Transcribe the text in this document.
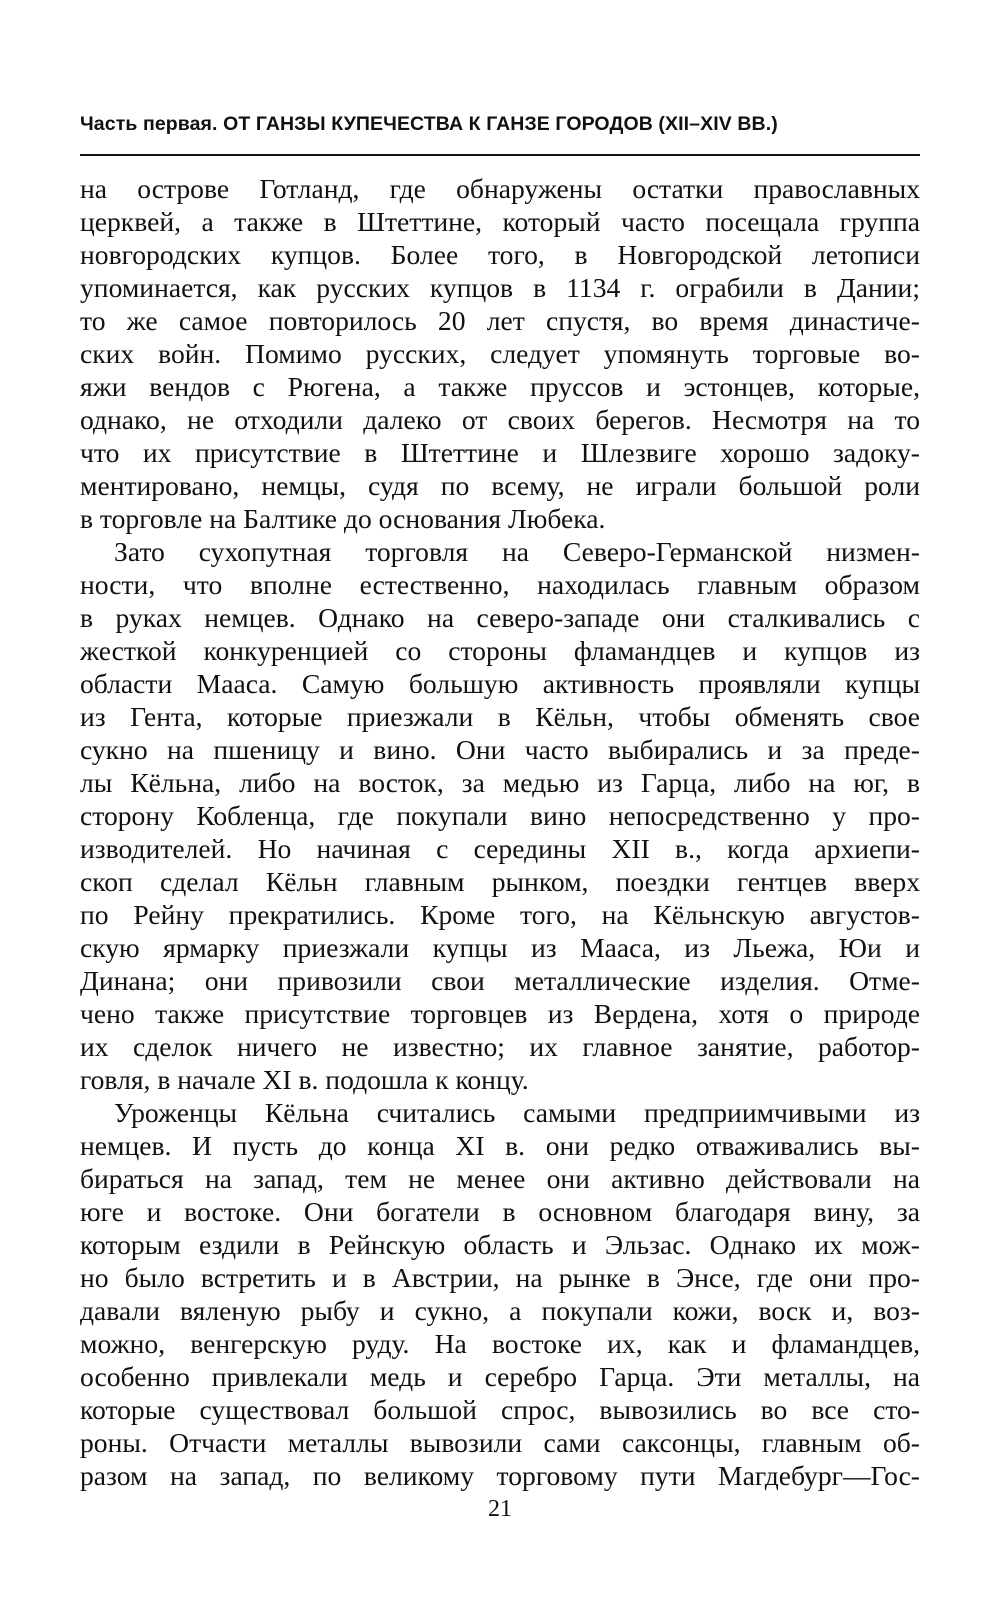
Часть первая. ОТ ГАНЗЫ КУПЕЧЕСТВА К ГАНЗЕ ГОРОДОВ (XII–XIV ВВ.)
на острове Готланд, где обнаружены остатки православных
церквей, а также в Штеттине, который часто посещала группа
новгородских купцов. Более того, в Новгородской летописи
упоминается, как русских купцов в 1134 г. ограбили в Дании;
то же самое повторилось 20 лет спустя, во время династиче-
ских войн. Помимо русских, следует упомянуть торговые во-
яжи вендов с Рюгена, а также пруссов и эстонцев, которые,
однако, не отходили далеко от своих берегов. Несмотря на то
что их присутствие в Штеттине и Шлезвиге хорошо задоку-
ментировано, немцы, судя по всему, не играли большой роли
в торговле на Балтике до основания Любека.
Зато сухопутная торговля на Северо-Германской низмен-
ности, что вполне естественно, находилась главным образом
в руках немцев. Однако на северо-западе они сталкивались с
жесткой конкуренцией со стороны фламандцев и купцов из
области Мааса. Самую большую активность проявляли купцы
из Гента, которые приезжали в Кёльн, чтобы обменять свое
сукно на пшеницу и вино. Они часто выбирались и за преде-
лы Кёльна, либо на восток, за медью из Гарца, либо на юг, в
сторону Кобленца, где покупали вино непосредственно у про-
изводителей. Но начиная с середины XII в., когда архиепи-
скоп сделал Кёльн главным рынком, поездки гентцев вверх
по Рейну прекратились. Кроме того, на Кёльнскую августов-
скую ярмарку приезжали купцы из Мааса, из Льежа, Юи и
Динана; они привозили свои металлические изделия. Отме-
чено также присутствие торговцев из Вердена, хотя о природе
их сделок ничего не известно; их главное занятие, работор-
говля, в начале XI в. подошла к концу.
Уроженцы Кёльна считались самыми предприимчивыми из
немцев. И пусть до конца XI в. они редко отваживались вы-
бираться на запад, тем не менее они активно действовали на
юге и востоке. Они богатели в основном благодаря вину, за
которым ездили в Рейнскую область и Эльзас. Однако их мож-
но было встретить и в Австрии, на рынке в Энсе, где они про-
давали вяленую рыбу и сукно, а покупали кожи, воск и, воз-
можно, венгерскую руду. На востоке их, как и фламандцев,
особенно привлекали медь и серебро Гарца. Эти металлы, на
которые существовал большой спрос, вывозились во все сто-
роны. Отчасти металлы вывозили сами саксонцы, главным об-
разом на запад, по великому торговому пути Магдебург—Гос-
21
